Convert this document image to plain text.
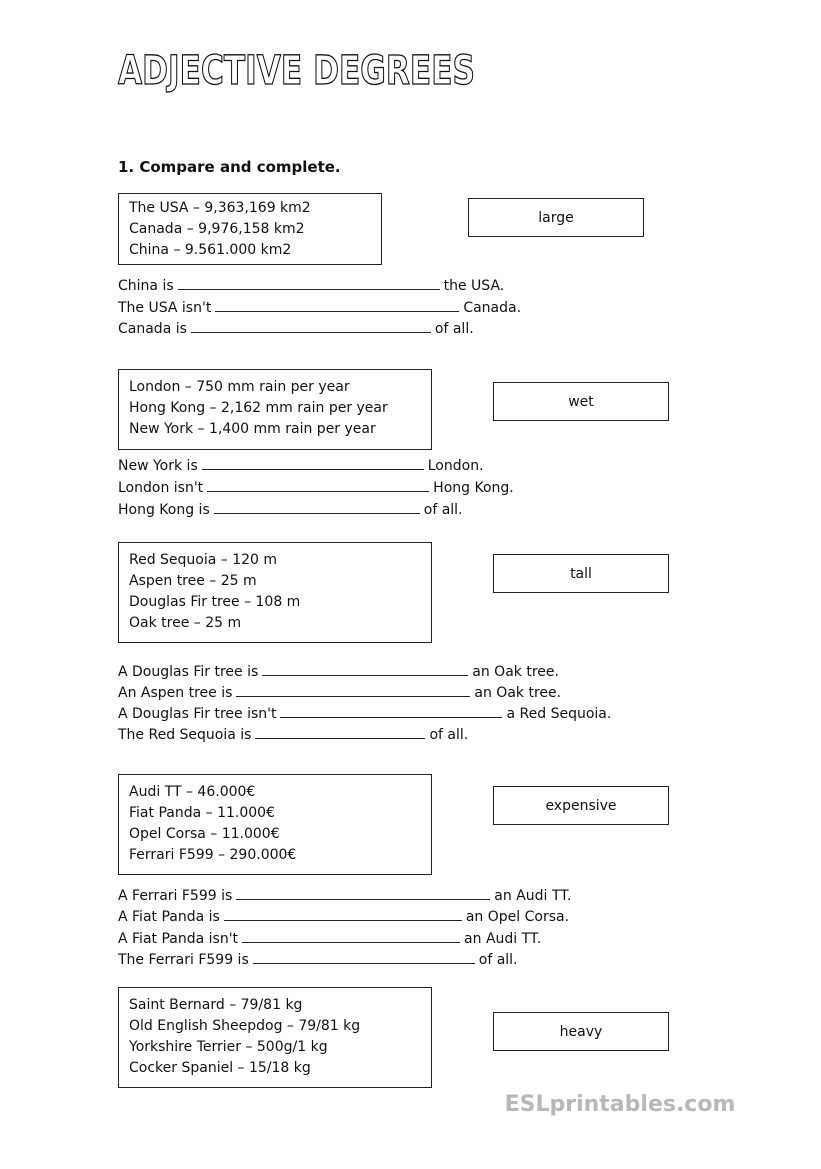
ADJECTIVE DEGREES
1. Compare and complete.
The USA – 9,363,169 km2
Canada – 9,976,158 km2
China – 9.561.000 km2
large
China is	the USA.
The USA isn't	Canada.
Canada is	of all.
London – 750 mm rain per year
Hong Kong – 2,162 mm rain per year
New York – 1,400 mm rain per year
wet
New York is	London.
London isn't	Hong Kong.
Hong Kong is	of all.
Red Sequoia – 120 m
Aspen tree – 25 m
Douglas Fir tree – 108 m
Oak tree – 25 m
tall
A Douglas Fir tree is	an Oak tree.
An Aspen tree is	an Oak tree.
A Douglas Fir tree isn't	a Red Sequoia.
The Red Sequoia is	of all.
Audi TT – 46.000€
Fiat Panda – 11.000€
Opel Corsa – 11.000€
Ferrari F599 – 290.000€
expensive
A Ferrari F599 is	an Audi TT.
A Fiat Panda is	an Opel Corsa.
A Fiat Panda isn't	an Audi TT.
The Ferrari F599 is	of all.
Saint Bernard – 79/81 kg
Old English Sheepdog – 79/81 kg
Yorkshire Terrier – 500g/1 kg
Cocker Spaniel – 15/18 kg
heavy
ESLprintables.com
